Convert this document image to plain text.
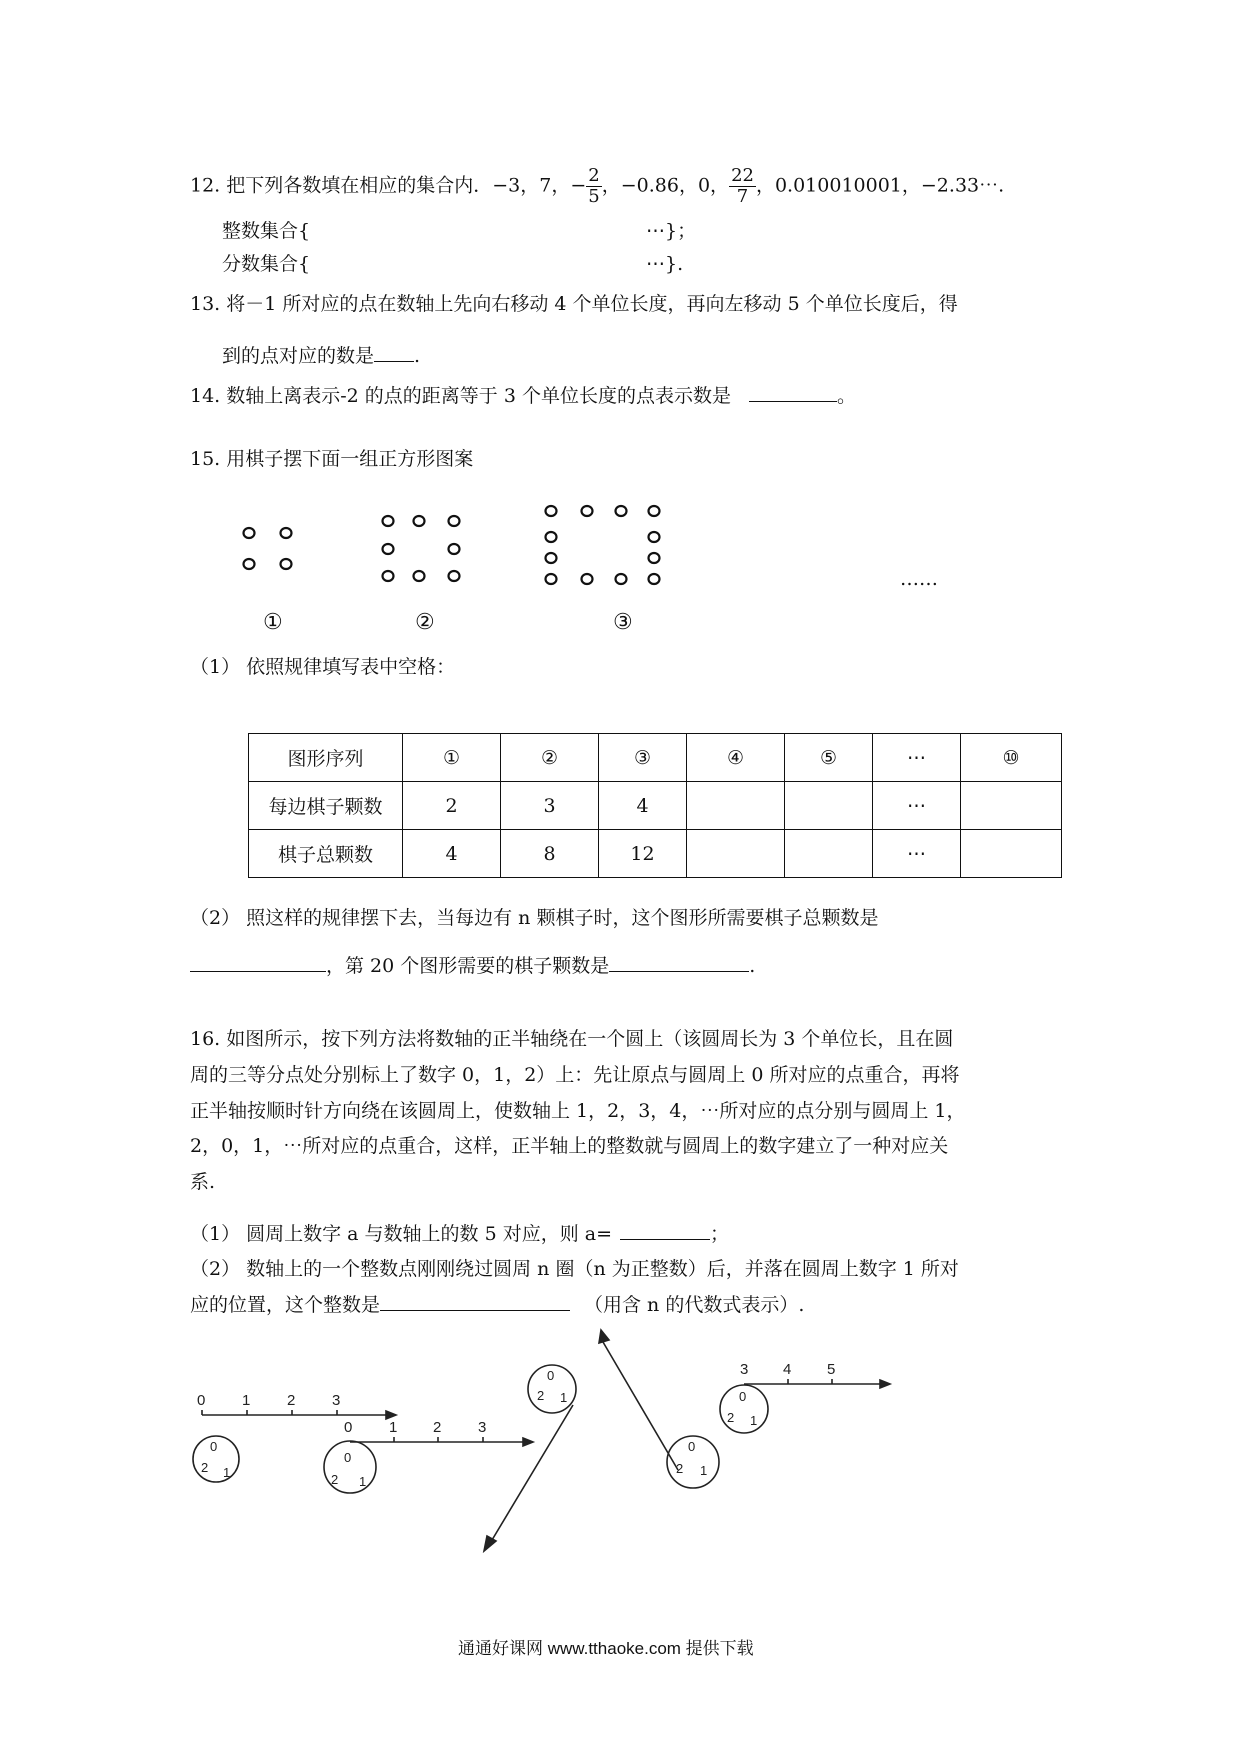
12. 把下列各数填在相应的集合内．−3，7，− $\frac{2}{5}$ ，−0.86，0， $\frac{22}{7}$ ，0.010010001，−2.33⋯.
整数集合{	⋯}；
分数集合{	⋯}.
13. 将－1 所对应的点在数轴上先向右移动 4 个单位长度，再向左移动 5 个单位长度后，得
到的点对应的数是 .
14. 数轴上离表示-2 的点的距离等于 3 个单位长度的点表示数是	。
15. 用棋子摆下面一组正方形图案
……
①	②	③
（1） 依照规律填写表中空格：
图形序列	①	②	③	④	⑤	⋯	⑩
每边棋子颗数	2	3	4			⋯	
棋子总颗数	4	8	12			⋯	
（2） 照这样的规律摆下去，当每边有 n 颗棋子时，这个图形所需要棋子总颗数是
，第 20 个图形需要的棋子颗数是	.
16. 如图所示，按下列方法将数轴的正半轴绕在一个圆上（该圆周长为 3 个单位长，且在圆
周的三等分点处分别标上了数字 0，1，2）上：先让原点与圆周上 0 所对应的点重合，再将
正半轴按顺时针方向绕在该圆周上，使数轴上 1，2，3，4，⋯所对应的点分别与圆周上 1，
2，0，1，⋯所对应的点重合，这样，正半轴上的整数就与圆周上的数字建立了一种对应关
系.
（1） 圆周上数字 a 与数轴上的数 5 对应，则 a=	；
（2） 数轴上的一个整数点刚刚绕过圆周 n 圈（n 为正整数）后，并落在圆周上数字 1 所对
应的位置，这个整数是	（用含 n 的代数式表示）.
0 1 2 3
0
2 1
0 1 2 3
0
2 1
0
2 1
0
2 1
3 4 5
0
2 1
通通好课网 www.tthaoke.com 提供下载
